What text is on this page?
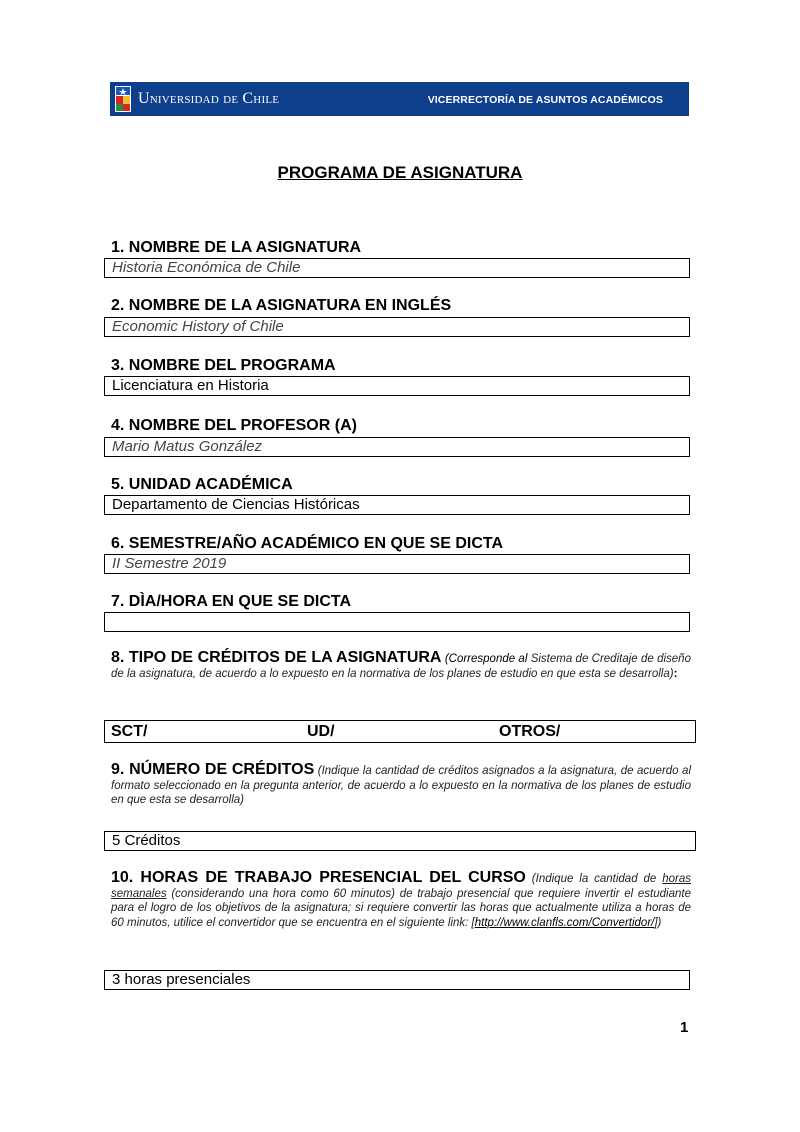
Universidad de Chile	VICERRECTORÍA DE ASUNTOS ACADÉMICOS
PROGRAMA DE ASIGNATURA
1. NOMBRE DE LA ASIGNATURA
Historia Económica de Chile
2. NOMBRE DE LA ASIGNATURA EN INGLÉS
Economic History of Chile
3. NOMBRE DEL PROGRAMA
Licenciatura en Historia
4. NOMBRE DEL PROFESOR (A)
Mario Matus González
5. UNIDAD ACADÉMICA
Departamento de Ciencias Históricas
6. SEMESTRE/AÑO ACADÉMICO EN QUE SE DICTA
II Semestre 2019
7. DÌA/HORA EN QUE SE DICTA
8. TIPO DE CRÉDITOS DE LA ASIGNATURA (Corresponde al Sistema de Creditaje de diseño de la asignatura, de acuerdo a lo expuesto en la normativa de los planes de estudio en que esta se desarrolla):
SCT/	UD/	OTROS/
9. NÚMERO DE CRÉDITOS (Indique la cantidad de créditos asignados a la asignatura, de acuerdo al formato seleccionado en la pregunta anterior, de acuerdo a lo expuesto en la normativa de los planes de estudio en que esta se desarrolla)
5 Créditos
10. HORAS DE TRABAJO PRESENCIAL DEL CURSO (Indique la cantidad de horas semanales (considerando una hora como 60 minutos) de trabajo presencial que requiere invertir el estudiante para el logro de los objetivos de la asignatura; si requiere convertir las horas que actualmente utiliza a horas de 60 minutos, utilice el convertidor que se encuentra en el siguiente link: [http://www.clanfls.com/Convertidor/])
3 horas presenciales
1
